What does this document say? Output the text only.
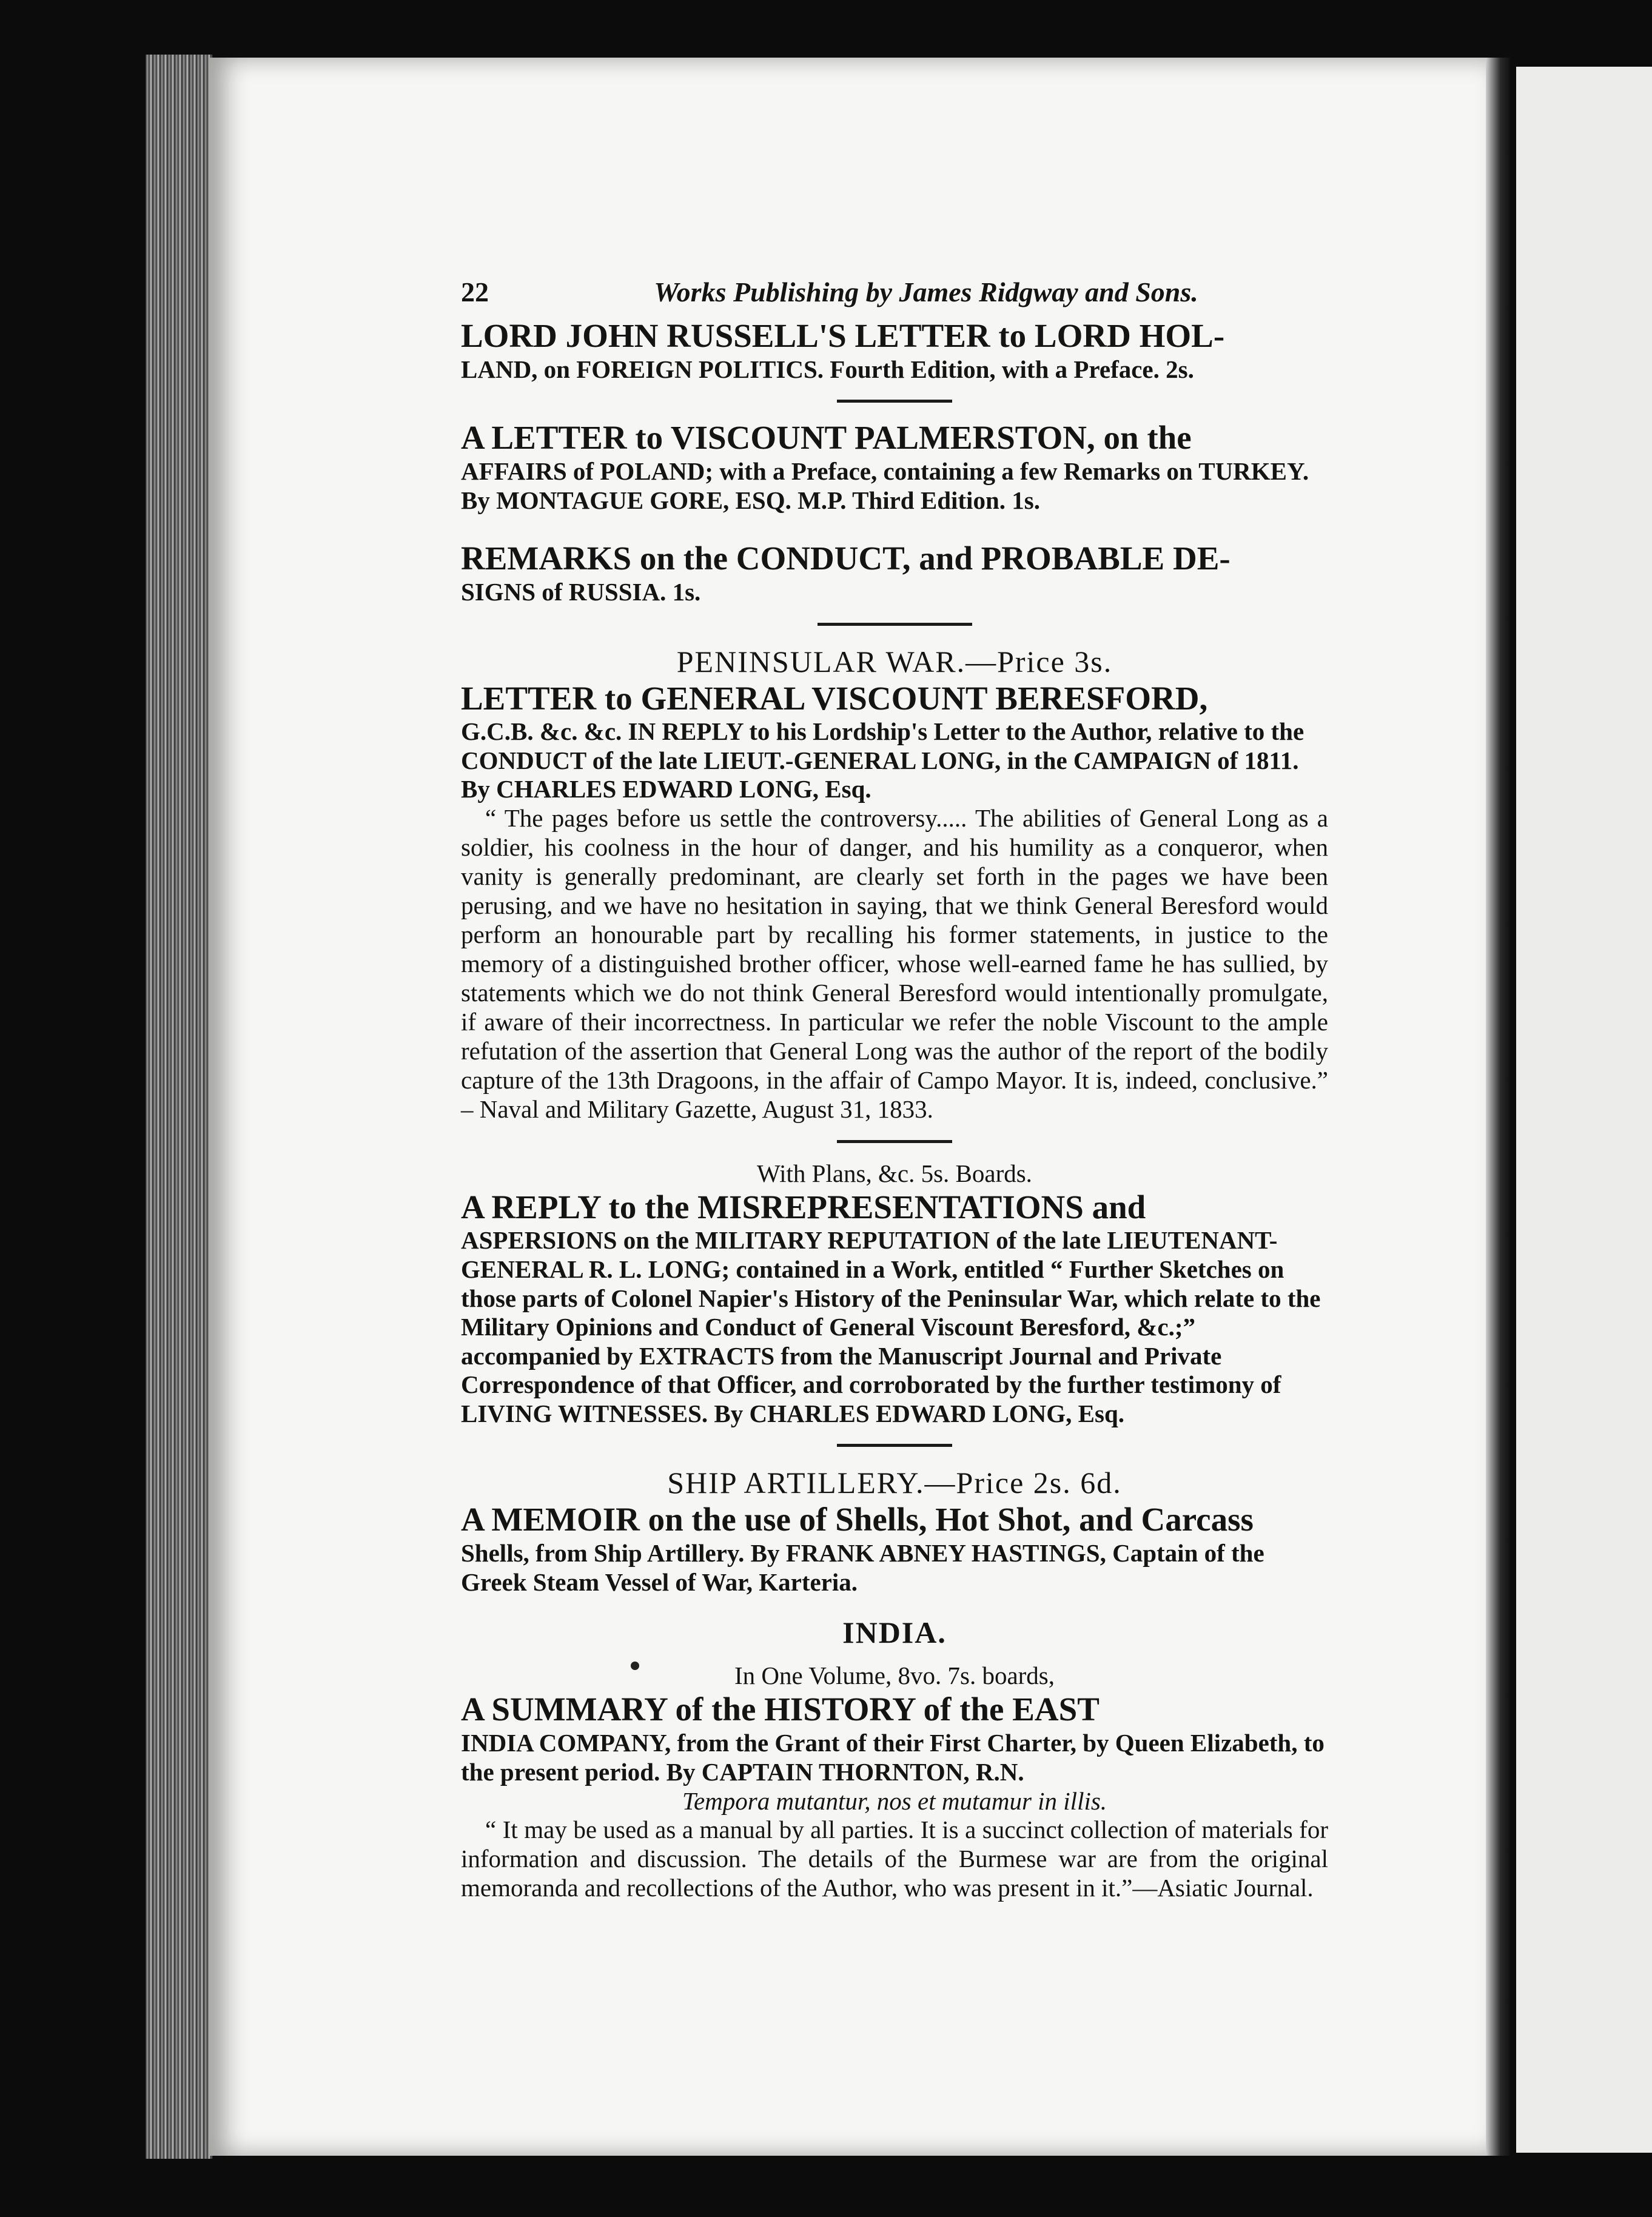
22	Works Publishing by James Ridgway and Sons.
LORD JOHN RUSSELL'S LETTER to LORD HOL-
LAND, on FOREIGN POLITICS. Fourth Edition, with a Preface. 2s.
A LETTER to VISCOUNT PALMERSTON, on the
AFFAIRS of POLAND; with a Preface, containing a few Remarks on TURKEY. By MONTAGUE GORE, ESQ. M.P. Third Edition. 1s.
REMARKS on the CONDUCT, and PROBABLE DE-
SIGNS of RUSSIA. 1s.
PENINSULAR WAR.—Price 3s.
LETTER to GENERAL VISCOUNT BERESFORD,
G.C.B. &c. &c. IN REPLY to his Lordship's Letter to the Author, relative to the CONDUCT of the late LIEUT.-GENERAL LONG, in the CAMPAIGN of 1811. By CHARLES EDWARD LONG, Esq.
“ The pages before us settle the controversy..... The abilities of General Long as a soldier, his coolness in the hour of danger, and his humility as a conqueror, when vanity is generally predominant, are clearly set forth in the pages we have been perusing, and we have no hesitation in saying, that we think General Beresford would perform an honourable part by recalling his former statements, in justice to the memory of a distinguished brother officer, whose well-earned fame he has sullied, by statements which we do not think General Beresford would intentionally promulgate, if aware of their incorrectness. In particular we refer the noble Viscount to the ample refutation of the assertion that General Long was the author of the report of the bodily capture of the 13th Dragoons, in the affair of Campo Mayor. It is, indeed, conclusive.” – Naval and Military Gazette, August 31, 1833.
With Plans, &c. 5s. Boards.
A REPLY to the MISREPRESENTATIONS and
ASPERSIONS on the MILITARY REPUTATION of the late LIEUTENANT-GENERAL R. L. LONG; contained in a Work, entitled “ Further Sketches on those parts of Colonel Napier's History of the Peninsular War, which relate to the Military Opinions and Conduct of General Viscount Beresford, &c.;” accompanied by EXTRACTS from the Manuscript Journal and Private Correspondence of that Officer, and corroborated by the further testimony of LIVING WITNESSES. By CHARLES EDWARD LONG, Esq.
SHIP ARTILLERY.—Price 2s. 6d.
A MEMOIR on the use of Shells, Hot Shot, and Carcass
Shells, from Ship Artillery. By FRANK ABNEY HASTINGS, Captain of the Greek Steam Vessel of War, Karteria.
INDIA.
In One Volume, 8vo. 7s. boards,
A SUMMARY of the HISTORY of the EAST
INDIA COMPANY, from the Grant of their First Charter, by Queen Elizabeth, to the present period. By CAPTAIN THORNTON, R.N.
Tempora mutantur, nos et mutamur in illis.
“ It may be used as a manual by all parties. It is a succinct collection of materials for information and discussion. The details of the Burmese war are from the original memoranda and recollections of the Author, who was present in it.”—Asiatic Journal.
